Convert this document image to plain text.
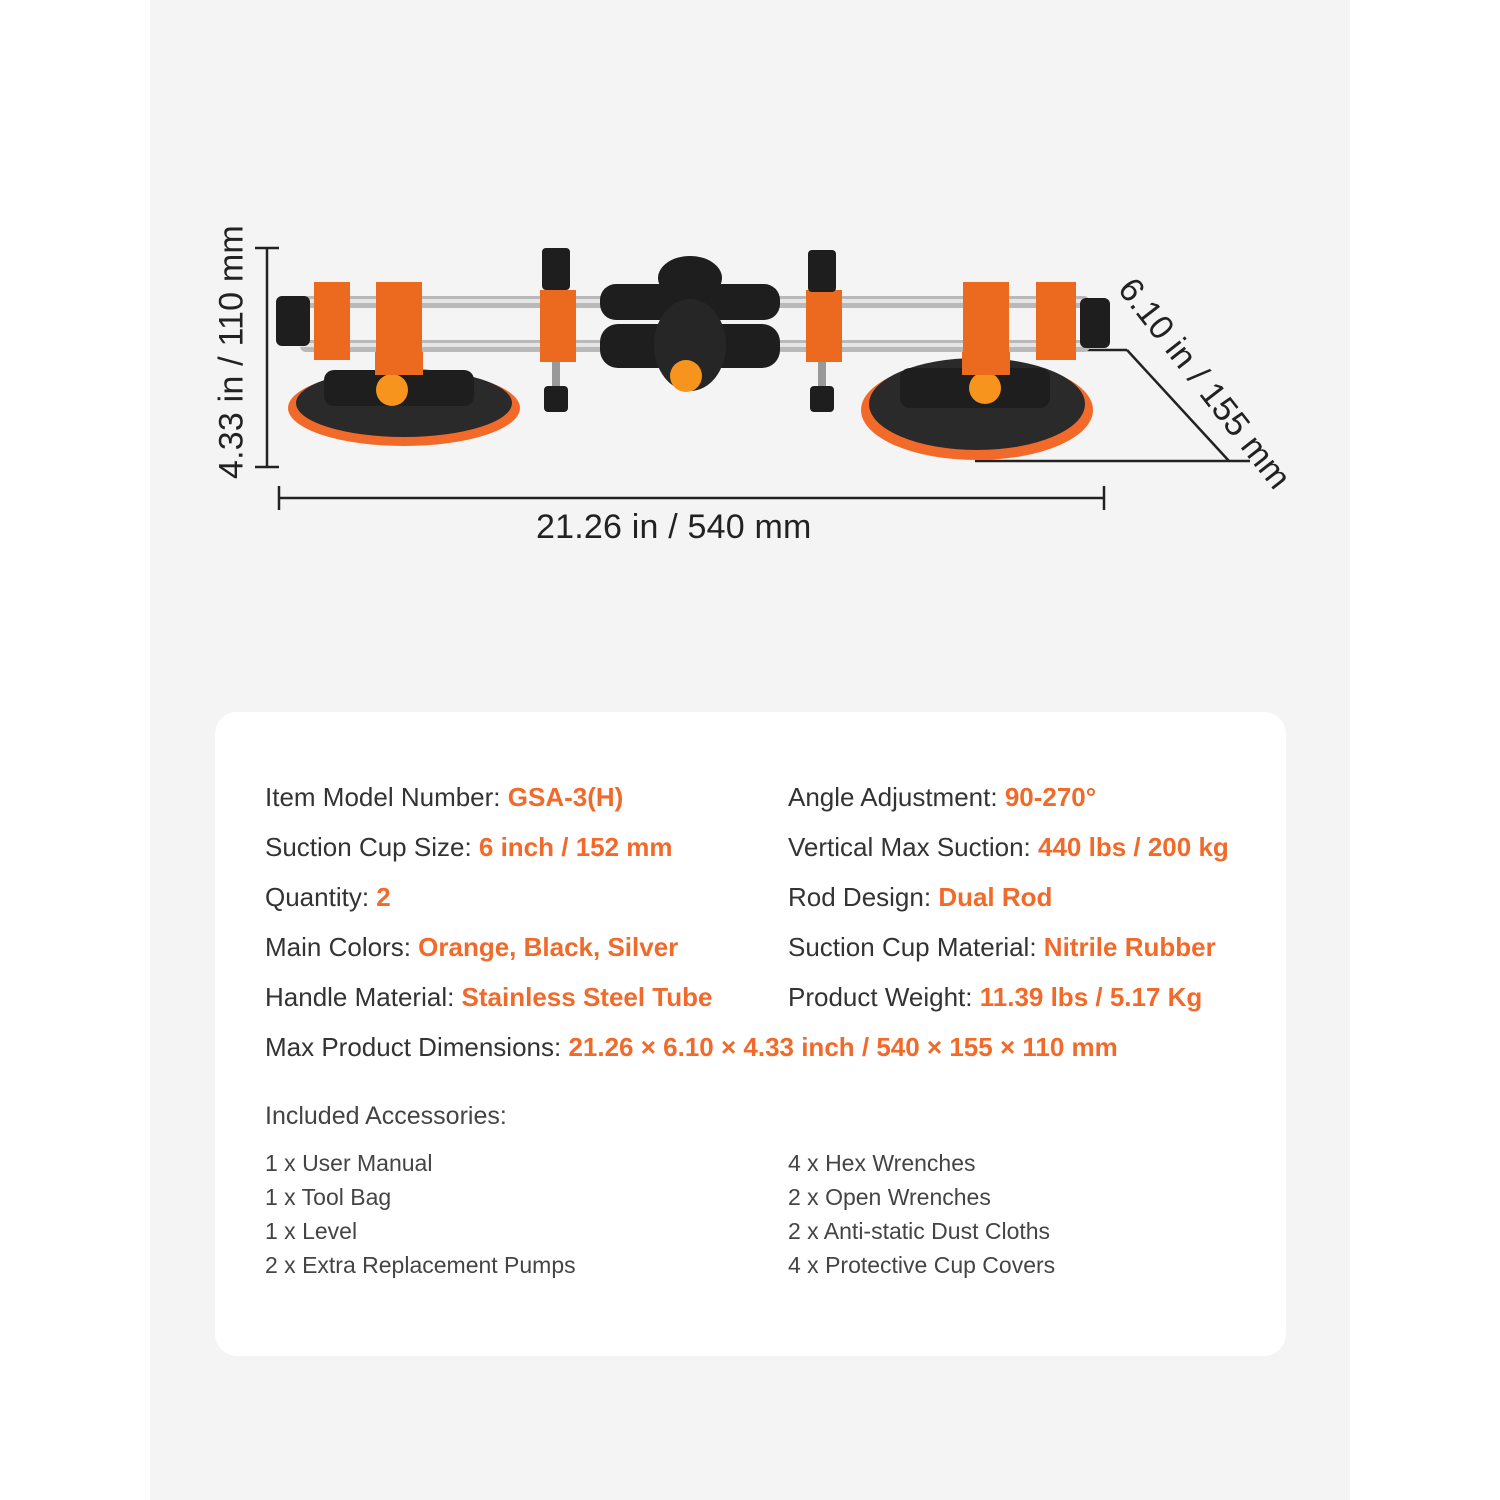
21.26 in / 540 mm
4.33 in / 110 mm	6.10 in / 155 mm
Item Model Number: GSA-3(H)
Suction Cup Size: 6 inch / 152 mm
Quantity: 2
Main Colors: Orange, Black, Silver
Handle Material: Stainless Steel Tube
Angle Adjustment: 90-270°
Vertical Max Suction: 440 lbs / 200 kg
Rod Design: Dual Rod
Suction Cup Material: Nitrile Rubber
Product Weight: 11.39 lbs / 5.17 Kg
Max Product Dimensions: 21.26 × 6.10 × 4.33 inch / 540 × 155 × 110 mm
Included Accessories:
1 x User Manual
1 x Tool Bag
1 x Level
2 x Extra Replacement Pumps
4 x Hex Wrenches
2 x Open Wrenches
2 x Anti-static Dust Cloths
4 x Protective Cup Covers
